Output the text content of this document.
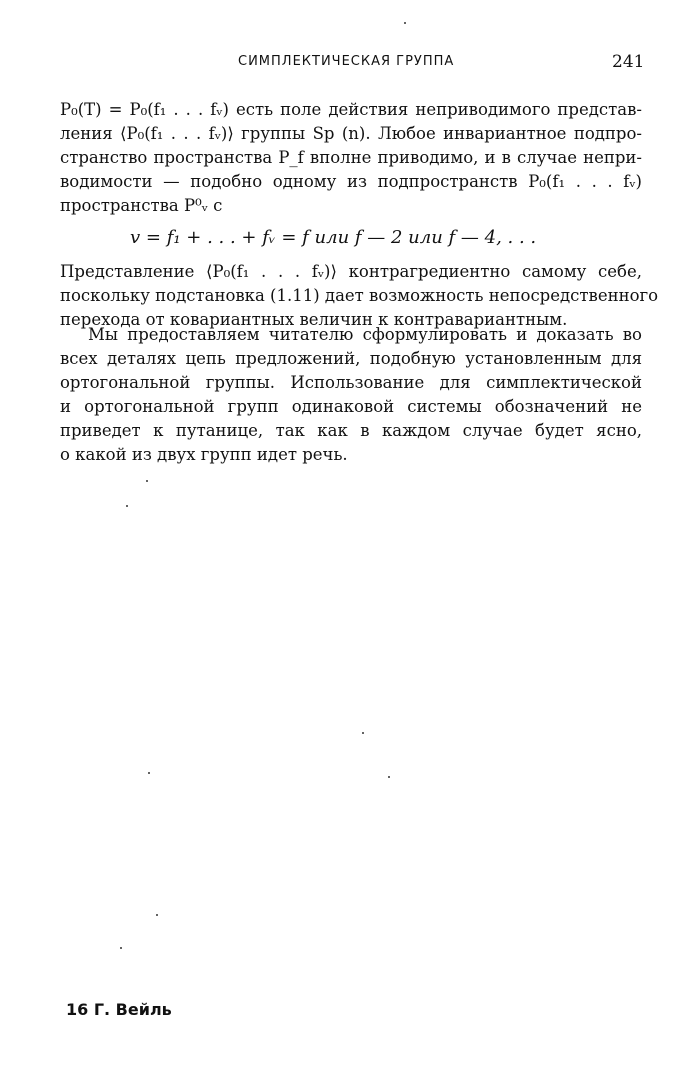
СИМПЛЕКТИЧЕСКАЯ ГРУППА	241
P₀(T) = P₀(f₁ . . . fᵥ) есть поле действия неприводимого представ-
ления ⟨P₀(f₁ . . . fᵥ)⟩ группы Sp (n). Любое инвариантное подпро-
странство пространства P_f вполне приводимо, и в случае непри-
водимости — подобно одному из подпространств P₀(f₁ . . . fᵥ)
пространства P⁰ᵥ с
v = f₁ + . . . + fᵥ = f или f — 2 или f — 4, . . .
Представление ⟨P₀(f₁ . . . fᵥ)⟩ контрагредиентно самому себе,
поскольку подстановка (1.11) дает возможность непосредственного
перехода от ковариантных величин к контравариантным.
Мы предоставляем читателю сформулировать и доказать во
всех деталях цепь предложений, подобную установленным для
ортогональной группы. Использование для симплектической
и ортогональной групп одинаковой системы обозначений не
приведет к путанице, так как в каждом случае будет ясно,
о какой из двух групп идет речь.
16 Г. Вейль
